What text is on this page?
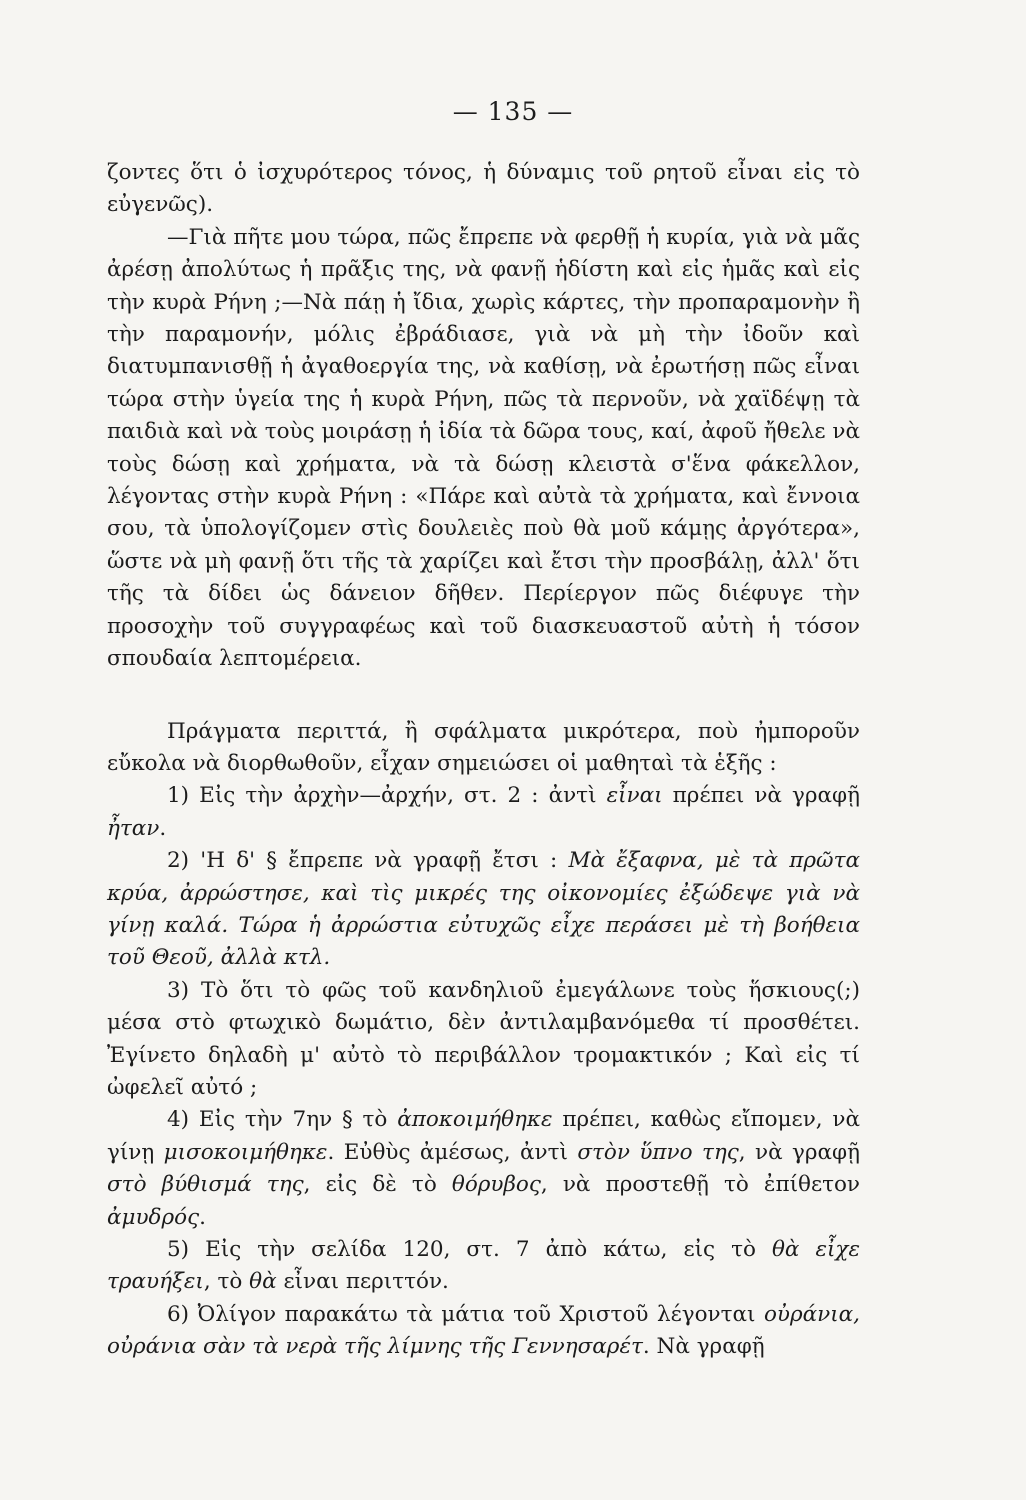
— 135 —

ζοντες ὅτι ὁ ἰσχυρότερος τόνος, ἡ δύναμις τοῦ ρητοῦ εἶναι εἰς τὸ εὐγενῶς).

—Γιὰ πῆτε μου τώρα, πῶς ἔπρεπε νὰ φερθῇ ἡ κυρία, γιὰ νὰ μᾶς ἀρέσῃ ἀπολύτως ἡ πρᾶξις της, νὰ φανῇ ἡδίστη καὶ εἰς ἡμᾶς καὶ εἰς τὴν κυρὰ Ρήνη ;—Νὰ πάῃ ἡ ἴδια, χωρὶς κάρτες, τὴν προπαραμονὴν ἢ τὴν παραμονήν, μόλις ἐβράδιασε, γιὰ νὰ μὴ τὴν ἰδοῦν καὶ διατυμπανισθῇ ἡ ἀγαθοεργία της, νὰ καθίσῃ, νὰ ἐρωτήσῃ πῶς εἶναι τώρα στὴν ὑγεία της ἡ κυρὰ Ρήνη, πῶς τὰ περνοῦν, νὰ χαϊδέψῃ τὰ παιδιὰ καὶ νὰ τοὺς μοιράσῃ ἡ ἰδία τὰ δῶρα τους, καί, ἀφοῦ ἤθελε νὰ τοὺς δώσῃ καὶ χρήματα, νὰ τὰ δώσῃ κλειστὰ σ'ἕνα φάκελλον, λέγοντας στὴν κυρὰ Ρήνη : «Πάρε καὶ αὐτὰ τὰ χρήματα, καὶ ἔννοια σου, τὰ ὑπολογίζομεν στὶς δουλειὲς ποὺ θὰ μοῦ κάμῃς ἀργότερα», ὥστε νὰ μὴ φανῇ ὅτι τῆς τὰ χαρίζει καὶ ἔτσι τὴν προσβάλῃ, ἀλλ' ὅτι τῆς τὰ δίδει ὡς δάνειον δῆθεν. Περίεργον πῶς διέφυγε τὴν προσοχὴν τοῦ συγγραφέως καὶ τοῦ διασκευαστοῦ αὐτὴ ἡ τόσον σπουδαία λεπτομέρεια.

Πράγματα περιττά, ἢ σφάλματα μικρότερα, ποὺ ἠμποροῦν εὔκολα νὰ διορθωθοῦν, εἶχαν σημειώσει οἱ μαθηταὶ τὰ ἑξῆς :

1) Εἰς τὴν ἀρχὴν—ἀρχήν, στ. 2 : ἀντὶ εἶναι πρέπει νὰ γραφῇ ἦταν.

2) 'Η δ' § ἔπρεπε νὰ γραφῇ ἔτσι : Μὰ ἔξαφνα, μὲ τὰ πρῶτα κρύα, ἀρρώστησε, καὶ τὶς μικρές της οἰκονομίες ἐξώδεψε γιὰ νὰ γίνῃ καλά. Τώρα ἡ ἀρρώστια εὐτυχῶς εἶχε περάσει μὲ τὴ βοήθεια τοῦ Θεοῦ, ἀλλὰ κτλ.

3) Τὸ ὅτι τὸ φῶς τοῦ κανδηλιοῦ ἐμεγάλωνε τοὺς ἥσκιους(;) μέσα στὸ φτωχικὸ δωμάτιο, δὲν ἀντιλαμβανόμεθα τί προσθέτει. Ἐγίνετο δηλαδὴ μ' αὐτὸ τὸ περιβάλλον τρομακτικόν ; Καὶ εἰς τί ὠφελεῖ αὐτό ;

4) Εἰς τὴν 7ην § τὸ ἀποκοιμήθηκε πρέπει, καθὼς εἴπομεν, νὰ γίνῃ μισοκοιμήθηκε. Εὐθὺς ἀμέσως, ἀντὶ στὸν ὕπνο της, νὰ γραφῇ στὸ βύθισμά της, εἰς δὲ τὸ θόρυβος, νὰ προστεθῇ τὸ ἐπίθετον ἀμυδρός.

5) Εἰς τὴν σελίδα 120, στ. 7 ἀπὸ κάτω, εἰς τὸ θὰ εἶχε τραυήξει, τὸ θὰ εἶναι περιττόν.

6) Ὀλίγον παρακάτω τὰ μάτια τοῦ Χριστοῦ λέγονται οὐράνια, οὐράνια σὰν τὰ νερὰ τῆς λίμνης τῆς Γεννησαρέτ. Νὰ γραφῇ
